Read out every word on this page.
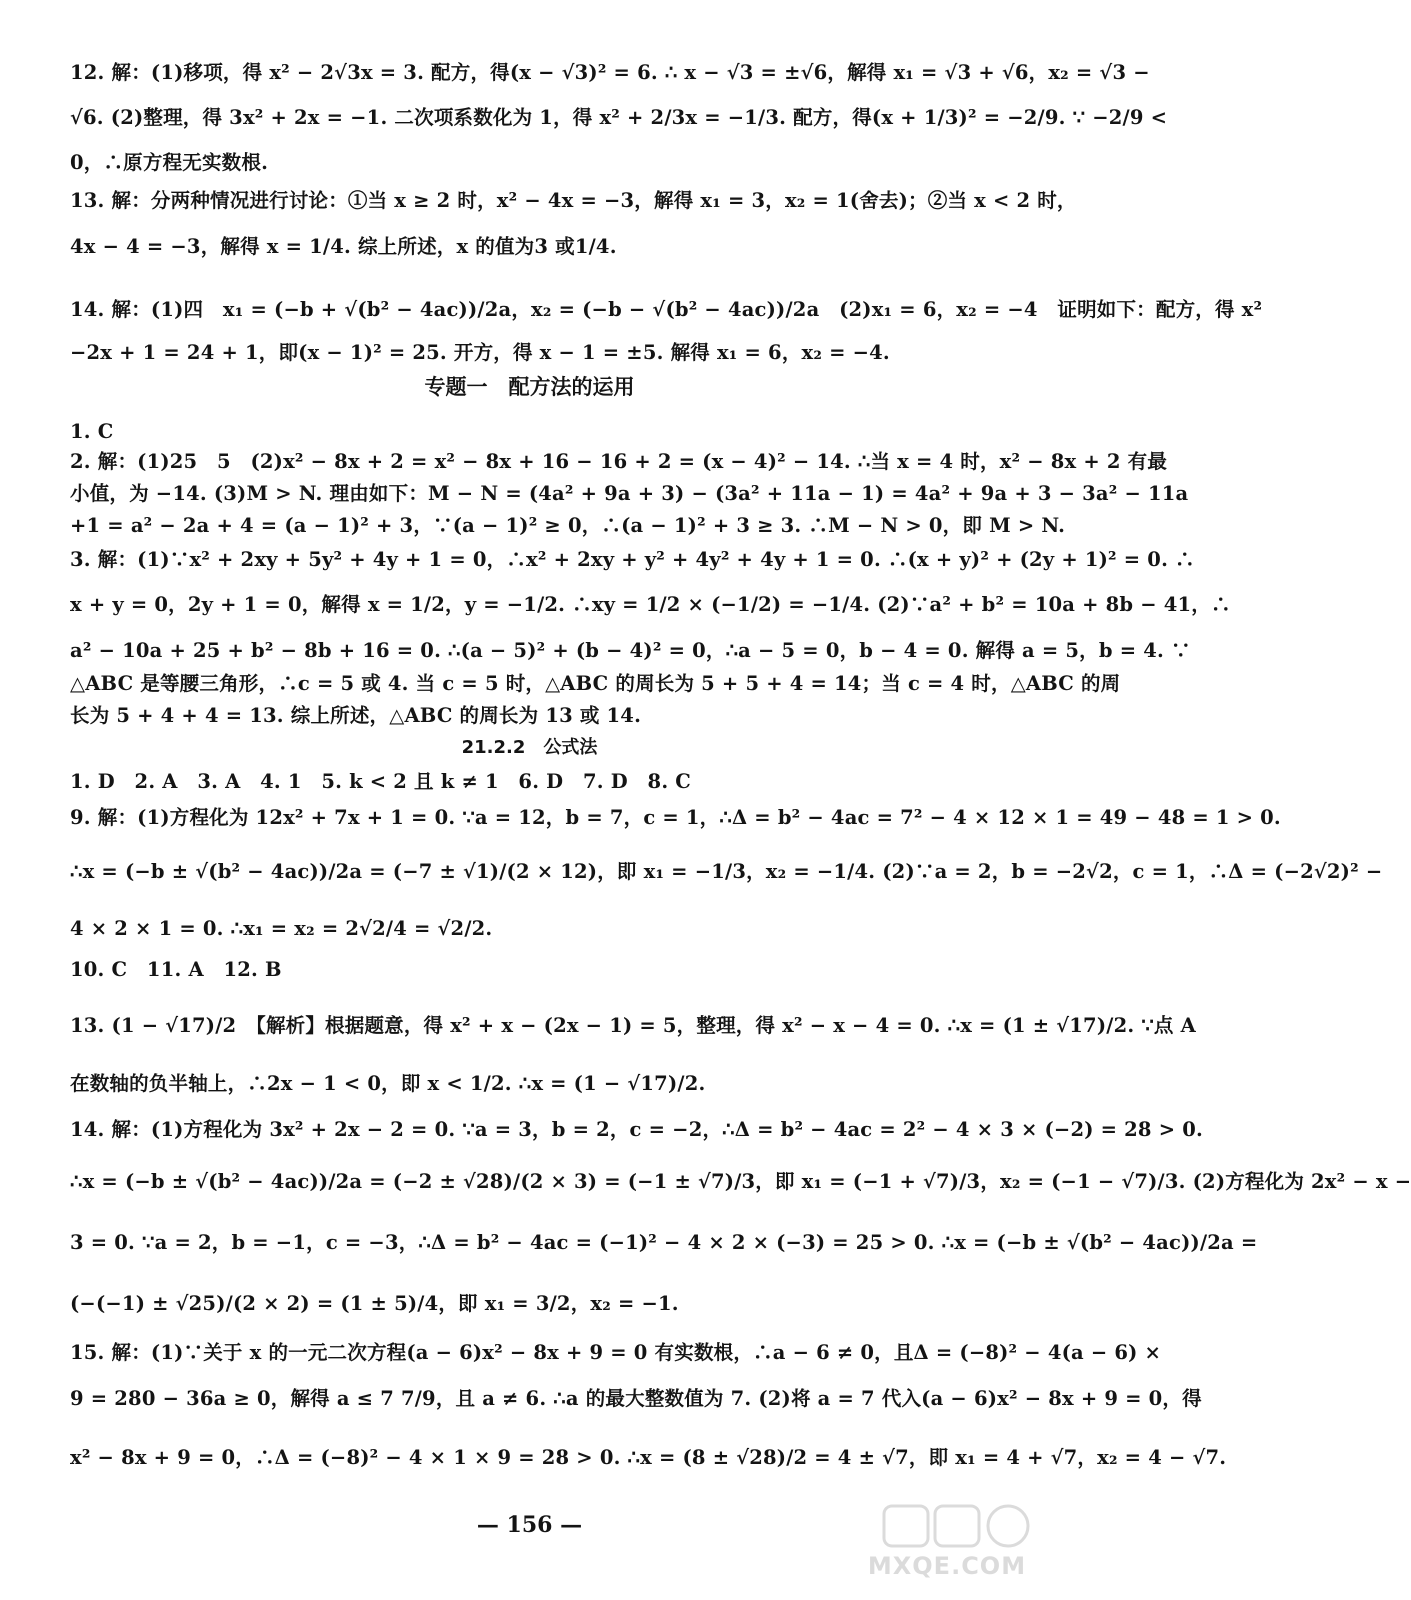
12. 解：(1)移项，得 x² − 2√3x = 3. 配方，得(x − √3)² = 6. ∴ x − √3 = ±√6，解得 x₁ = √3 + √6，x₂ = √3 −
√6. (2)整理，得 3x² + 2x = −1. 二次项系数化为 1，得 x² + 2/3x = −1/3. 配方，得(x + 1/3)² = −2/9. ∵ −2/9 <
0，∴原方程无实数根.
13. 解：分两种情况进行讨论：①当 x ≥ 2 时，x² − 4x = −3，解得 x₁ = 3，x₂ = 1(舍去)；②当 x < 2 时，
4x − 4 = −3，解得 x = 1/4. 综上所述，x 的值为3 或1/4.
14. 解：(1)四　x₁ = (−b + √(b² − 4ac))/2a，x₂ = (−b − √(b² − 4ac))/2a　(2)x₁ = 6，x₂ = −4　证明如下：配方，得 x²
−2x + 1 = 24 + 1，即(x − 1)² = 25. 开方，得 x − 1 = ±5. 解得 x₁ = 6，x₂ = −4.
1. C
2. 解：(1)25　5　(2)x² − 8x + 2 = x² − 8x + 16 − 16 + 2 = (x − 4)² − 14. ∴当 x = 4 时，x² − 8x + 2 有最
小值，为 −14. (3)M > N. 理由如下：M − N = (4a² + 9a + 3) − (3a² + 11a − 1) = 4a² + 9a + 3 − 3a² − 11a
+1 = a² − 2a + 4 = (a − 1)² + 3，∵(a − 1)² ≥ 0，∴(a − 1)² + 3 ≥ 3. ∴M − N > 0，即 M > N.
3. 解：(1)∵x² + 2xy + 5y² + 4y + 1 = 0，∴x² + 2xy + y² + 4y² + 4y + 1 = 0. ∴(x + y)² + (2y + 1)² = 0. ∴
x + y = 0，2y + 1 = 0，解得 x = 1/2，y = −1/2. ∴xy = 1/2 × (−1/2) = −1/4. (2)∵a² + b² = 10a + 8b − 41，∴
a² − 10a + 25 + b² − 8b + 16 = 0. ∴(a − 5)² + (b − 4)² = 0，∴a − 5 = 0，b − 4 = 0. 解得 a = 5，b = 4. ∵
△ABC 是等腰三角形，∴c = 5 或 4. 当 c = 5 时，△ABC 的周长为 5 + 5 + 4 = 14；当 c = 4 时，△ABC 的周
长为 5 + 4 + 4 = 13. 综上所述，△ABC 的周长为 13 或 14.
1. D　2. A　3. A　4. 1　5. k < 2 且 k ≠ 1　6. D　7. D　8. C
9. 解：(1)方程化为 12x² + 7x + 1 = 0. ∵a = 12，b = 7，c = 1，∴Δ = b² − 4ac = 7² − 4 × 12 × 1 = 49 − 48 = 1 > 0.
∴x = (−b ± √(b² − 4ac))/2a = (−7 ± √1)/(2 × 12)，即 x₁ = −1/3，x₂ = −1/4. (2)∵a = 2，b = −2√2，c = 1，∴Δ = (−2√2)² −
4 × 2 × 1 = 0. ∴x₁ = x₂ = 2√2/4 = √2/2.
10. C　11. A　12. B
13. (1 − √17)/2　【解析】根据题意，得 x² + x − (2x − 1) = 5，整理，得 x² − x − 4 = 0. ∴x = (1 ± √17)/2. ∵点 A
在数轴的负半轴上，∴2x − 1 < 0，即 x < 1/2. ∴x = (1 − √17)/2.
14. 解：(1)方程化为 3x² + 2x − 2 = 0. ∵a = 3，b = 2，c = −2，∴Δ = b² − 4ac = 2² − 4 × 3 × (−2) = 28 > 0.
∴x = (−b ± √(b² − 4ac))/2a = (−2 ± √28)/(2 × 3) = (−1 ± √7)/3，即 x₁ = (−1 + √7)/3，x₂ = (−1 − √7)/3. (2)方程化为 2x² − x −
3 = 0. ∵a = 2，b = −1，c = −3，∴Δ = b² − 4ac = (−1)² − 4 × 2 × (−3) = 25 > 0. ∴x = (−b ± √(b² − 4ac))/2a =
(−(−1) ± √25)/(2 × 2) = (1 ± 5)/4，即 x₁ = 3/2，x₂ = −1.
15. 解：(1)∵关于 x 的一元二次方程(a − 6)x² − 8x + 9 = 0 有实数根，∴a − 6 ≠ 0，且Δ = (−8)² − 4(a − 6) ×
9 = 280 − 36a ≥ 0，解得 a ≤ 7 7/9，且 a ≠ 6. ∴a 的最大整数值为 7. (2)将 a = 7 代入(a − 6)x² − 8x + 9 = 0，得
x² − 8x + 9 = 0，∴Δ = (−8)² − 4 × 1 × 9 = 28 > 0. ∴x = (8 ± √28)/2 = 4 ± √7，即 x₁ = 4 + √7，x₂ = 4 − √7.
专题一　配方法的运用
21.2.2　公式法
— 156 —
MXQE.COM
